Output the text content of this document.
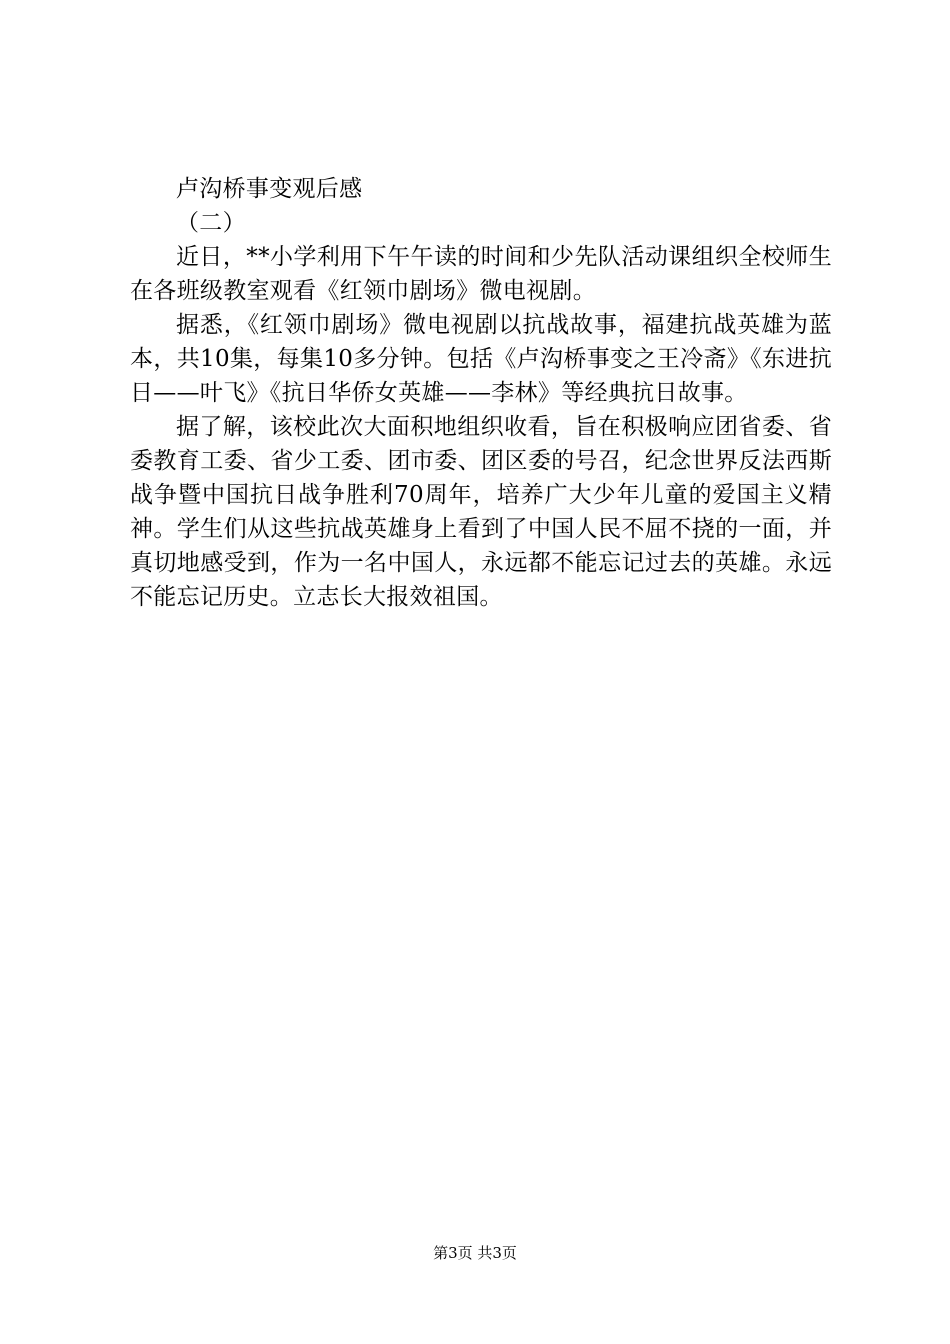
卢沟桥事变观后感

（二）

近日，**小学利用下午午读的时间和少先队活动课组织全校师生在各班级教室观看《红领巾剧场》微电视剧。

据悉，《红领巾剧场》微电视剧以抗战故事，福建抗战英雄为蓝本，共10集，每集10多分钟。包括《卢沟桥事变之王冷斋》《东进抗日——叶飞》《抗日华侨女英雄——李林》等经典抗日故事。

据了解，该校此次大面积地组织收看，旨在积极响应团省委、省委教育工委、省少工委、团市委、团区委的号召，纪念世界反法西斯战争暨中国抗日战争胜利70周年，培养广大少年儿童的爱国主义精神。学生们从这些抗战英雄身上看到了中国人民不屈不挠的一面，并真切地感受到，作为一名中国人，永远都不能忘记过去的英雄。永远不能忘记历史。立志长大报效祖国。

第3页 共3页
